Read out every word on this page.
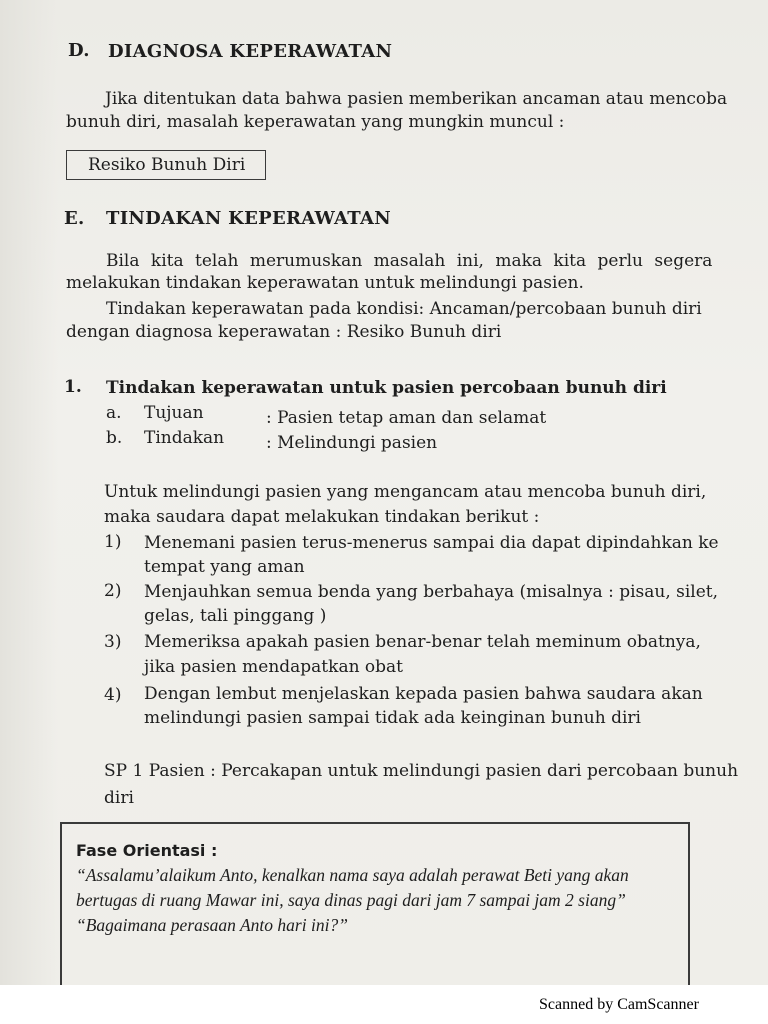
D. DIAGNOSA KEPERAWATAN
Jika ditentukan data bahwa pasien memberikan ancaman atau mencoba
bunuh diri, masalah keperawatan yang mungkin muncul :
Resiko Bunuh Diri
E. TINDAKAN KEPERAWATAN
Bila kita telah merumuskan masalah ini, maka kita perlu segera
melakukan tindakan keperawatan untuk melindungi pasien.
Tindakan keperawatan pada kondisi: Ancaman/percobaan bunuh diri
dengan diagnosa keperawatan : Resiko Bunuh diri
1. Tindakan keperawatan untuk pasien percobaan bunuh diri
a. Tujuan	: Pasien tetap aman dan selamat
b. Tindakan : Melindungi pasien
Untuk melindungi pasien yang mengancam atau mencoba bunuh diri,
maka saudara dapat melakukan tindakan berikut :
1) Menemani pasien terus-menerus sampai dia dapat dipindahkan ke
tempat yang aman
2) Menjauhkan semua benda yang berbahaya (misalnya : pisau, silet,
gelas, tali pinggang )
3) Memeriksa apakah pasien benar-benar telah meminum obatnya,
jika pasien mendapatkan obat
4) Dengan lembut menjelaskan kepada pasien bahwa saudara akan
melindungi pasien sampai tidak ada keinginan bunuh diri
SP 1 Pasien : Percakapan untuk melindungi pasien dari percobaan bunuh
diri
Fase Orientasi :
“Assalamu’alaikum Anto, kenalkan nama saya adalah perawat Beti yang akan
bertugas di ruang Mawar ini, saya dinas pagi dari jam 7 sampai jam 2 siang”
“Bagaimana perasaan Anto hari ini?”
Scanned by CamScanner
